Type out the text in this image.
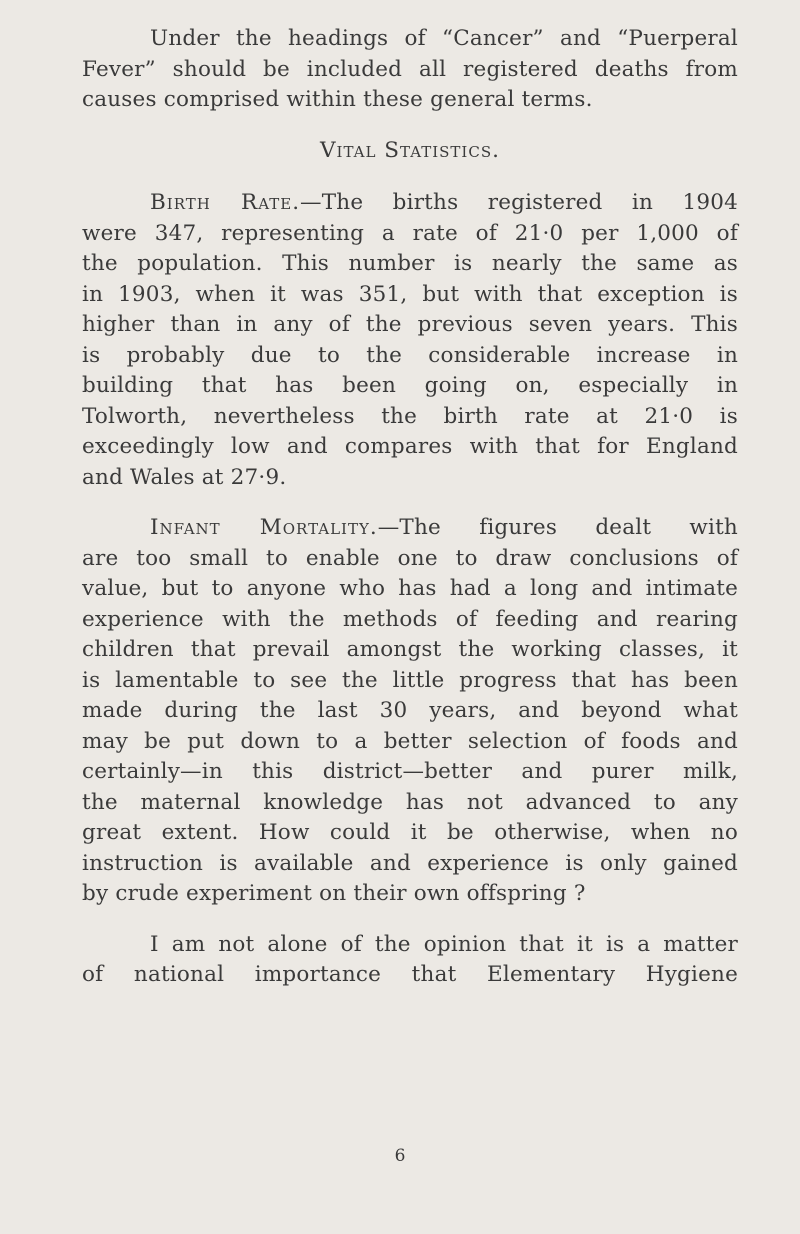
Under the headings of “Cancer” and “Puerperal
Fever” should be included all registered deaths from
causes comprised within these general terms.
Vital Statistics.
Birth Rate.—The births registered in 1904
were 347, representing a rate of 21·0 per 1,000 of
the population. This number is nearly the same as
in 1903, when it was 351, but with that exception is
higher than in any of the previous seven years. This
is probably due to the considerable increase in
building that has been going on, especially in
Tolworth, nevertheless the birth rate at 21·0 is
exceedingly low and compares with that for England
and Wales at 27·9.
Infant Mortality.—The figures dealt with
are too small to enable one to draw conclusions of
value, but to anyone who has had a long and intimate
experience with the methods of feeding and rearing
children that prevail amongst the working classes, it
is lamentable to see the little progress that has been
made during the last 30 years, and beyond what
may be put down to a better selection of foods and
certainly—in this district—better and purer milk,
the maternal knowledge has not advanced to any
great extent. How could it be otherwise, when no
instruction is available and experience is only gained
by crude experiment on their own offspring ?
I am not alone of the opinion that it is a matter
of national importance that Elementary Hygiene
6
